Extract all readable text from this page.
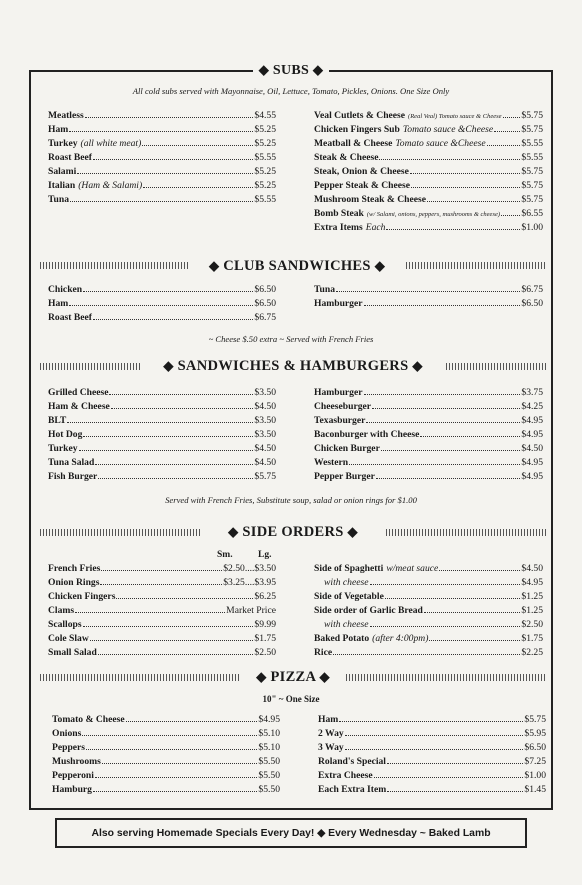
◆ SUBS ◆
All cold subs served with Mayonnaise, Oil, Lettuce, Tomato, Pickles, Onions. One Size Only
Meatless	$4.55
Ham	$5.25
Turkey (all white meat)	$5.25
Roast Beef	$5.55
Salami	$5.25
Italian (Ham & Salami)	$5.25
Tuna	$5.55
Veal Cutlets & Cheese (Real Veal) Tomato sauce & Cheese $5.75
Chicken Fingers Sub Tomato sauce &Cheese	$5.75
Meatball & Cheese Tomato sauce &Cheese	$5.55
Steak & Cheese	$5.55
Steak, Onion & Cheese	$5.75
Pepper Steak & Cheese	$5.75
Mushroom Steak & Cheese	$5.75
Bomb Steak (w/ Salami, onions, peppers, mushrooms & cheese) $6.55
Extra Items Each	$1.00
◆ CLUB SANDWICHES ◆
Chicken	$6.50
Ham	$6.50
Roast Beef	$6.75
Tuna	$6.75
Hamburger	$6.50
~ Cheese $.50 extra ~ Served with French Fries
◆ SANDWICHES & HAMBURGERS ◆
Grilled Cheese	$3.50
Ham & Cheese	$4.50
BLT	$3.50
Hot Dog	$3.50
Turkey	$4.50
Tuna Salad	$4.50
Fish Burger	$5.75
Hamburger	$3.75
Cheeseburger	$4.25
Texasburger	$4.95
Baconburger with Cheese	$4.95
Chicken Burger	$4.50
Western	$4.95
Pepper Burger	$4.95
Served with French Fries, Substitute soup, salad or onion rings for $1.00
◆ SIDE ORDERS ◆
Sm.	Lg.
French Fries	$2.50....$3.50
Onion Rings	$3.25....$3.95
Chicken Fingers	$6.25
Clams	Market Price
Scallops	$9.99
Cole Slaw	$1.75
Small Salad	$2.50
Side of Spaghetti w/meat sauce	$4.50
with cheese	$4.95
Side of Vegetable	$1.25
Side order of Garlic Bread	$1.25
with cheese	$2.50
Baked Potato (after 4:00pm)	$1.75
Rice	$2.25
◆ PIZZA ◆
10" ~ One Size
Tomato & Cheese	$4.95
Onions	$5.10
Peppers	$5.10
Mushrooms	$5.50
Pepperoni	$5.50
Hamburg	$5.50
Ham	$5.75
2 Way	$5.95
3 Way	$6.50
Roland's Special	$7.25
Extra Cheese	$1.00
Each Extra Item	$1.45
Also serving Homemade Specials Every Day!
◆
Every Wednesday ~ Baked Lamb
